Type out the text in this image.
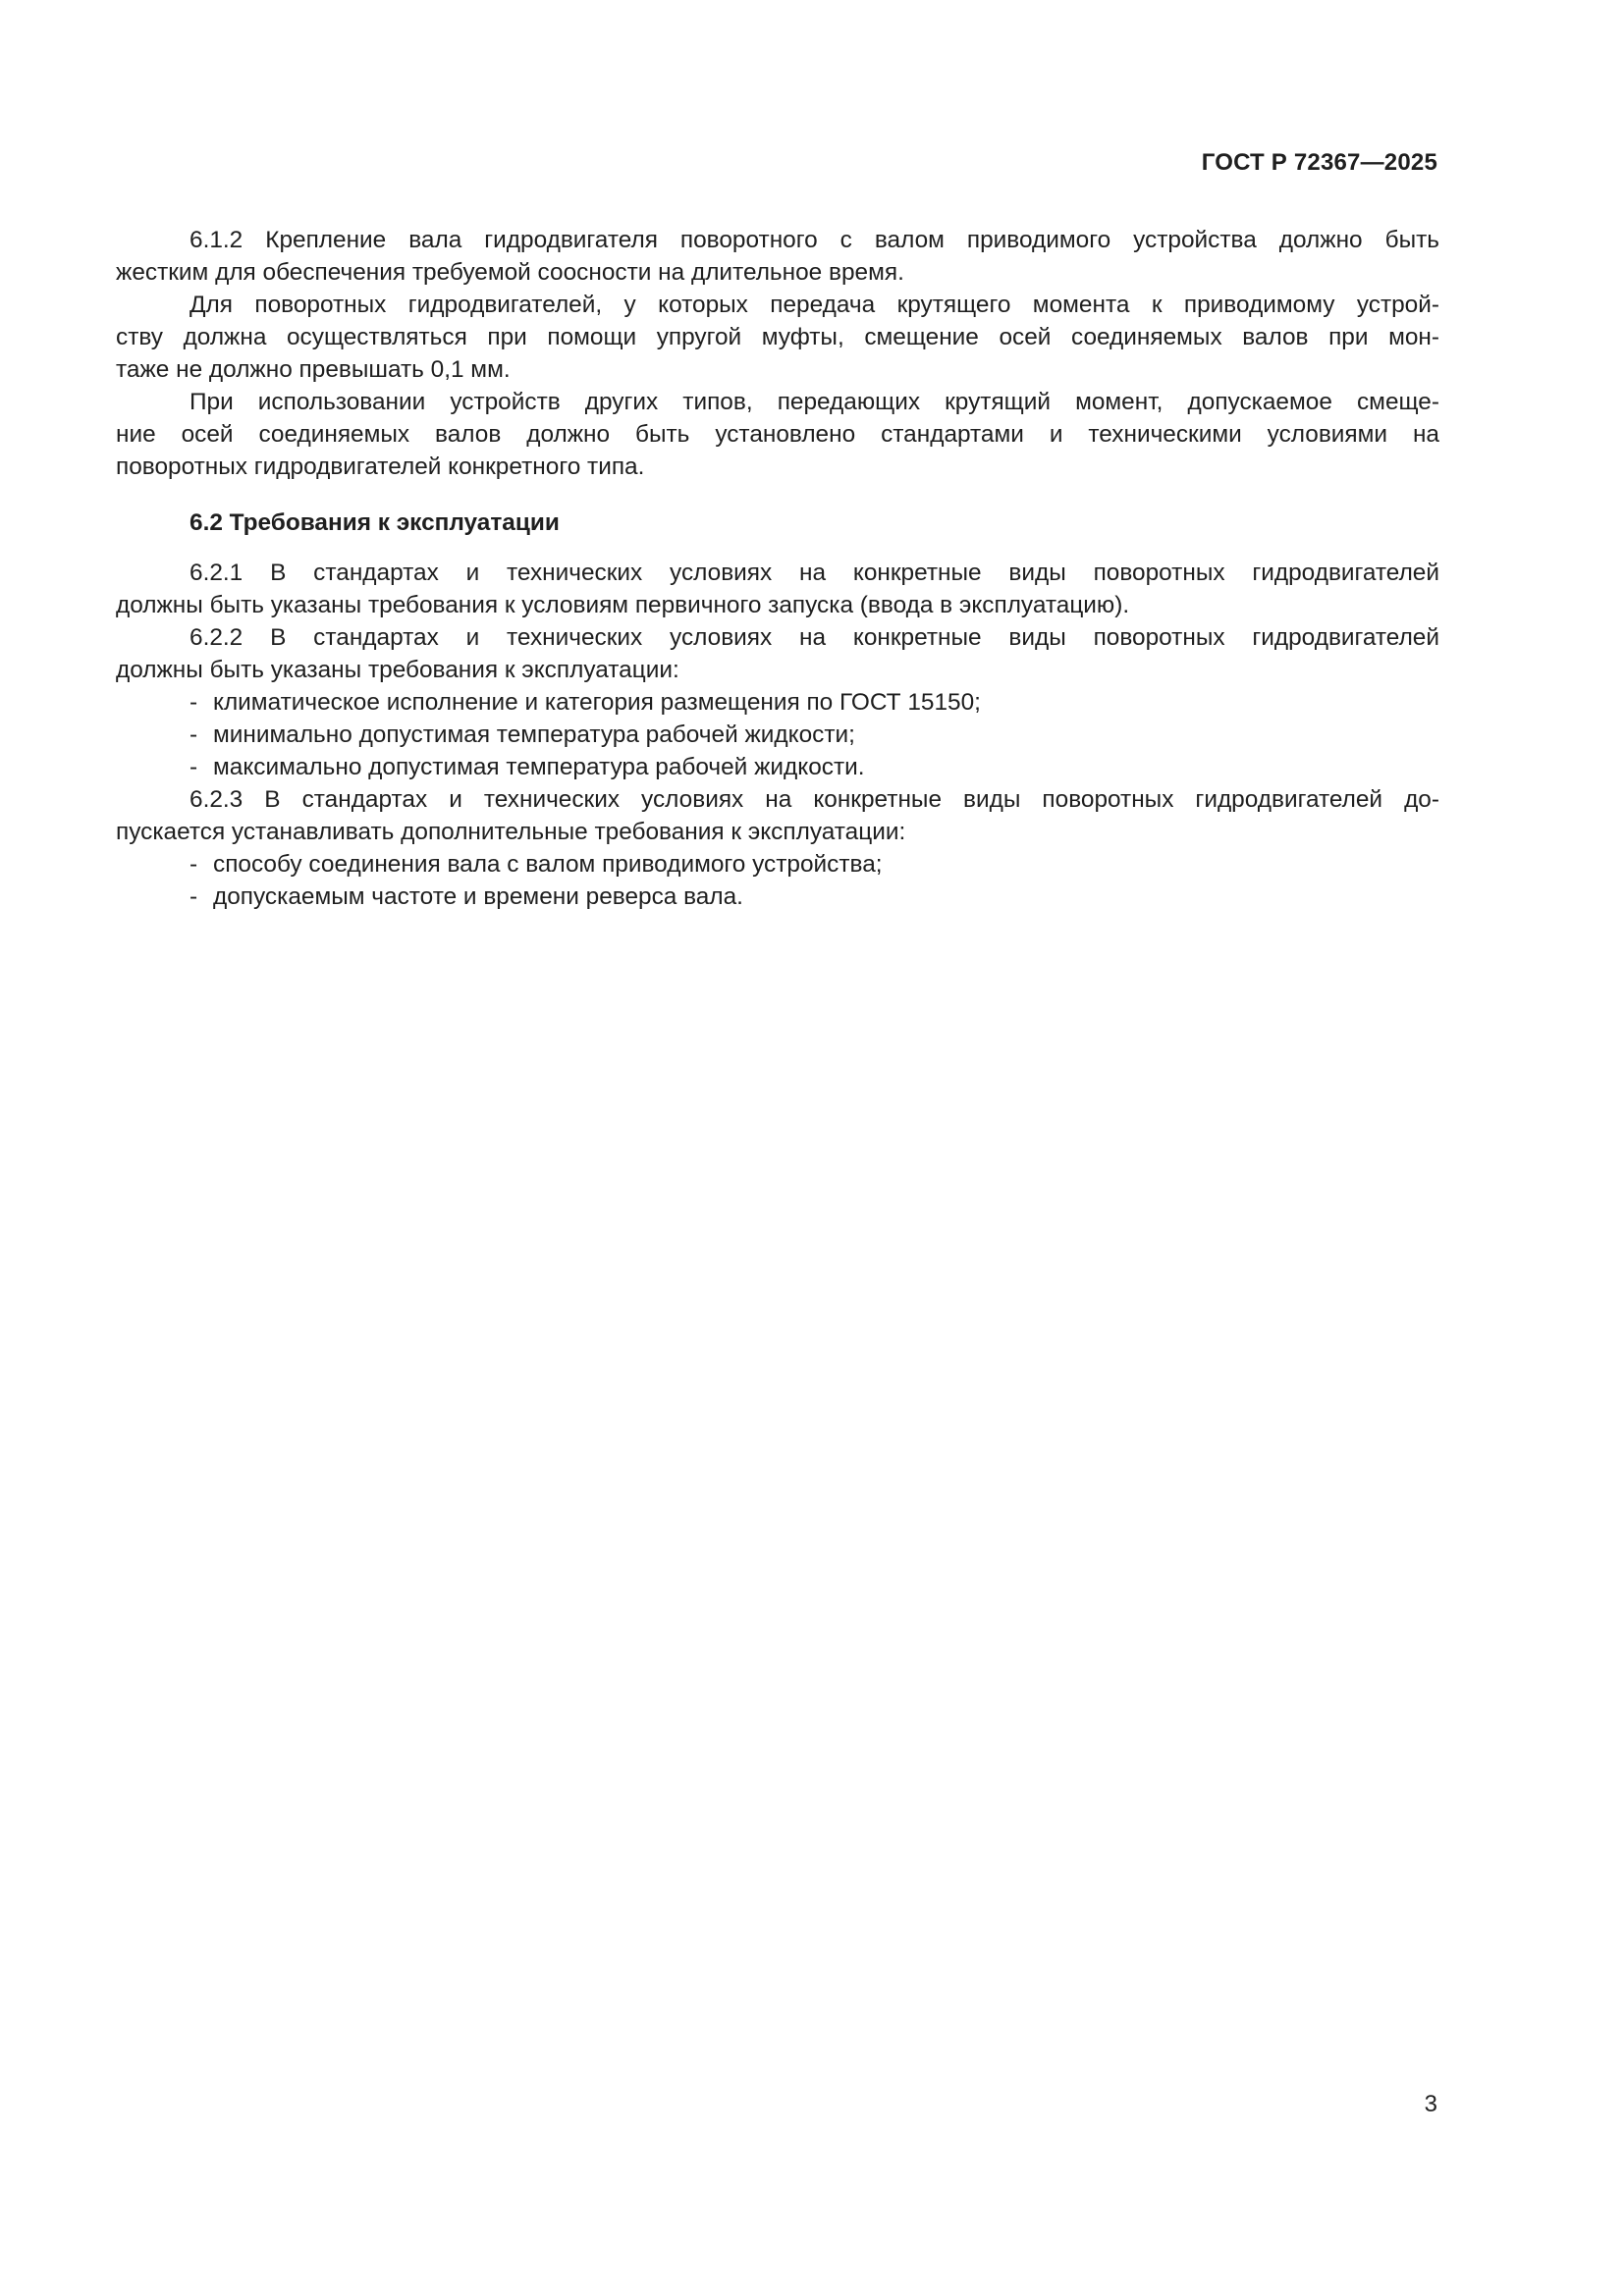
ГОСТ Р 72367—2025

6.1.2 Крепление вала гидродвигателя поворотного с валом приводимого устройства должно быть
жестким для обеспечения требуемой соосности на длительное время.

Для поворотных гидродвигателей, у которых передача крутящего момента к приводимому устрой-
ству должна осуществляться при помощи упругой муфты, смещение осей соединяемых валов при мон-
таже не должно превышать 0,1 мм.

При использовании устройств других типов, передающих крутящий момент, допускаемое смеще-
ние осей соединяемых валов должно быть установлено стандартами и техническими условиями на
поворотных гидродвигателей конкретного типа.

6.2 Требования к эксплуатации

6.2.1 В стандартах и технических условиях на конкретные виды поворотных гидродвигателей
должны быть указаны требования к условиям первичного запуска (ввода в эксплуатацию).

6.2.2 В стандартах и технических условиях на конкретные виды поворотных гидродвигателей
должны быть указаны требования к эксплуатации:

- климатическое исполнение и категория размещения по ГОСТ 15150;
- минимально допустимая температура рабочей жидкости;
- максимально допустимая температура рабочей жидкости.

6.2.3 В стандартах и технических условиях на конкретные виды поворотных гидродвигателей до-
пускается устанавливать дополнительные требования к эксплуатации:

- способу соединения вала с валом приводимого устройства;
- допускаемым частоте и времени реверса вала.
3
